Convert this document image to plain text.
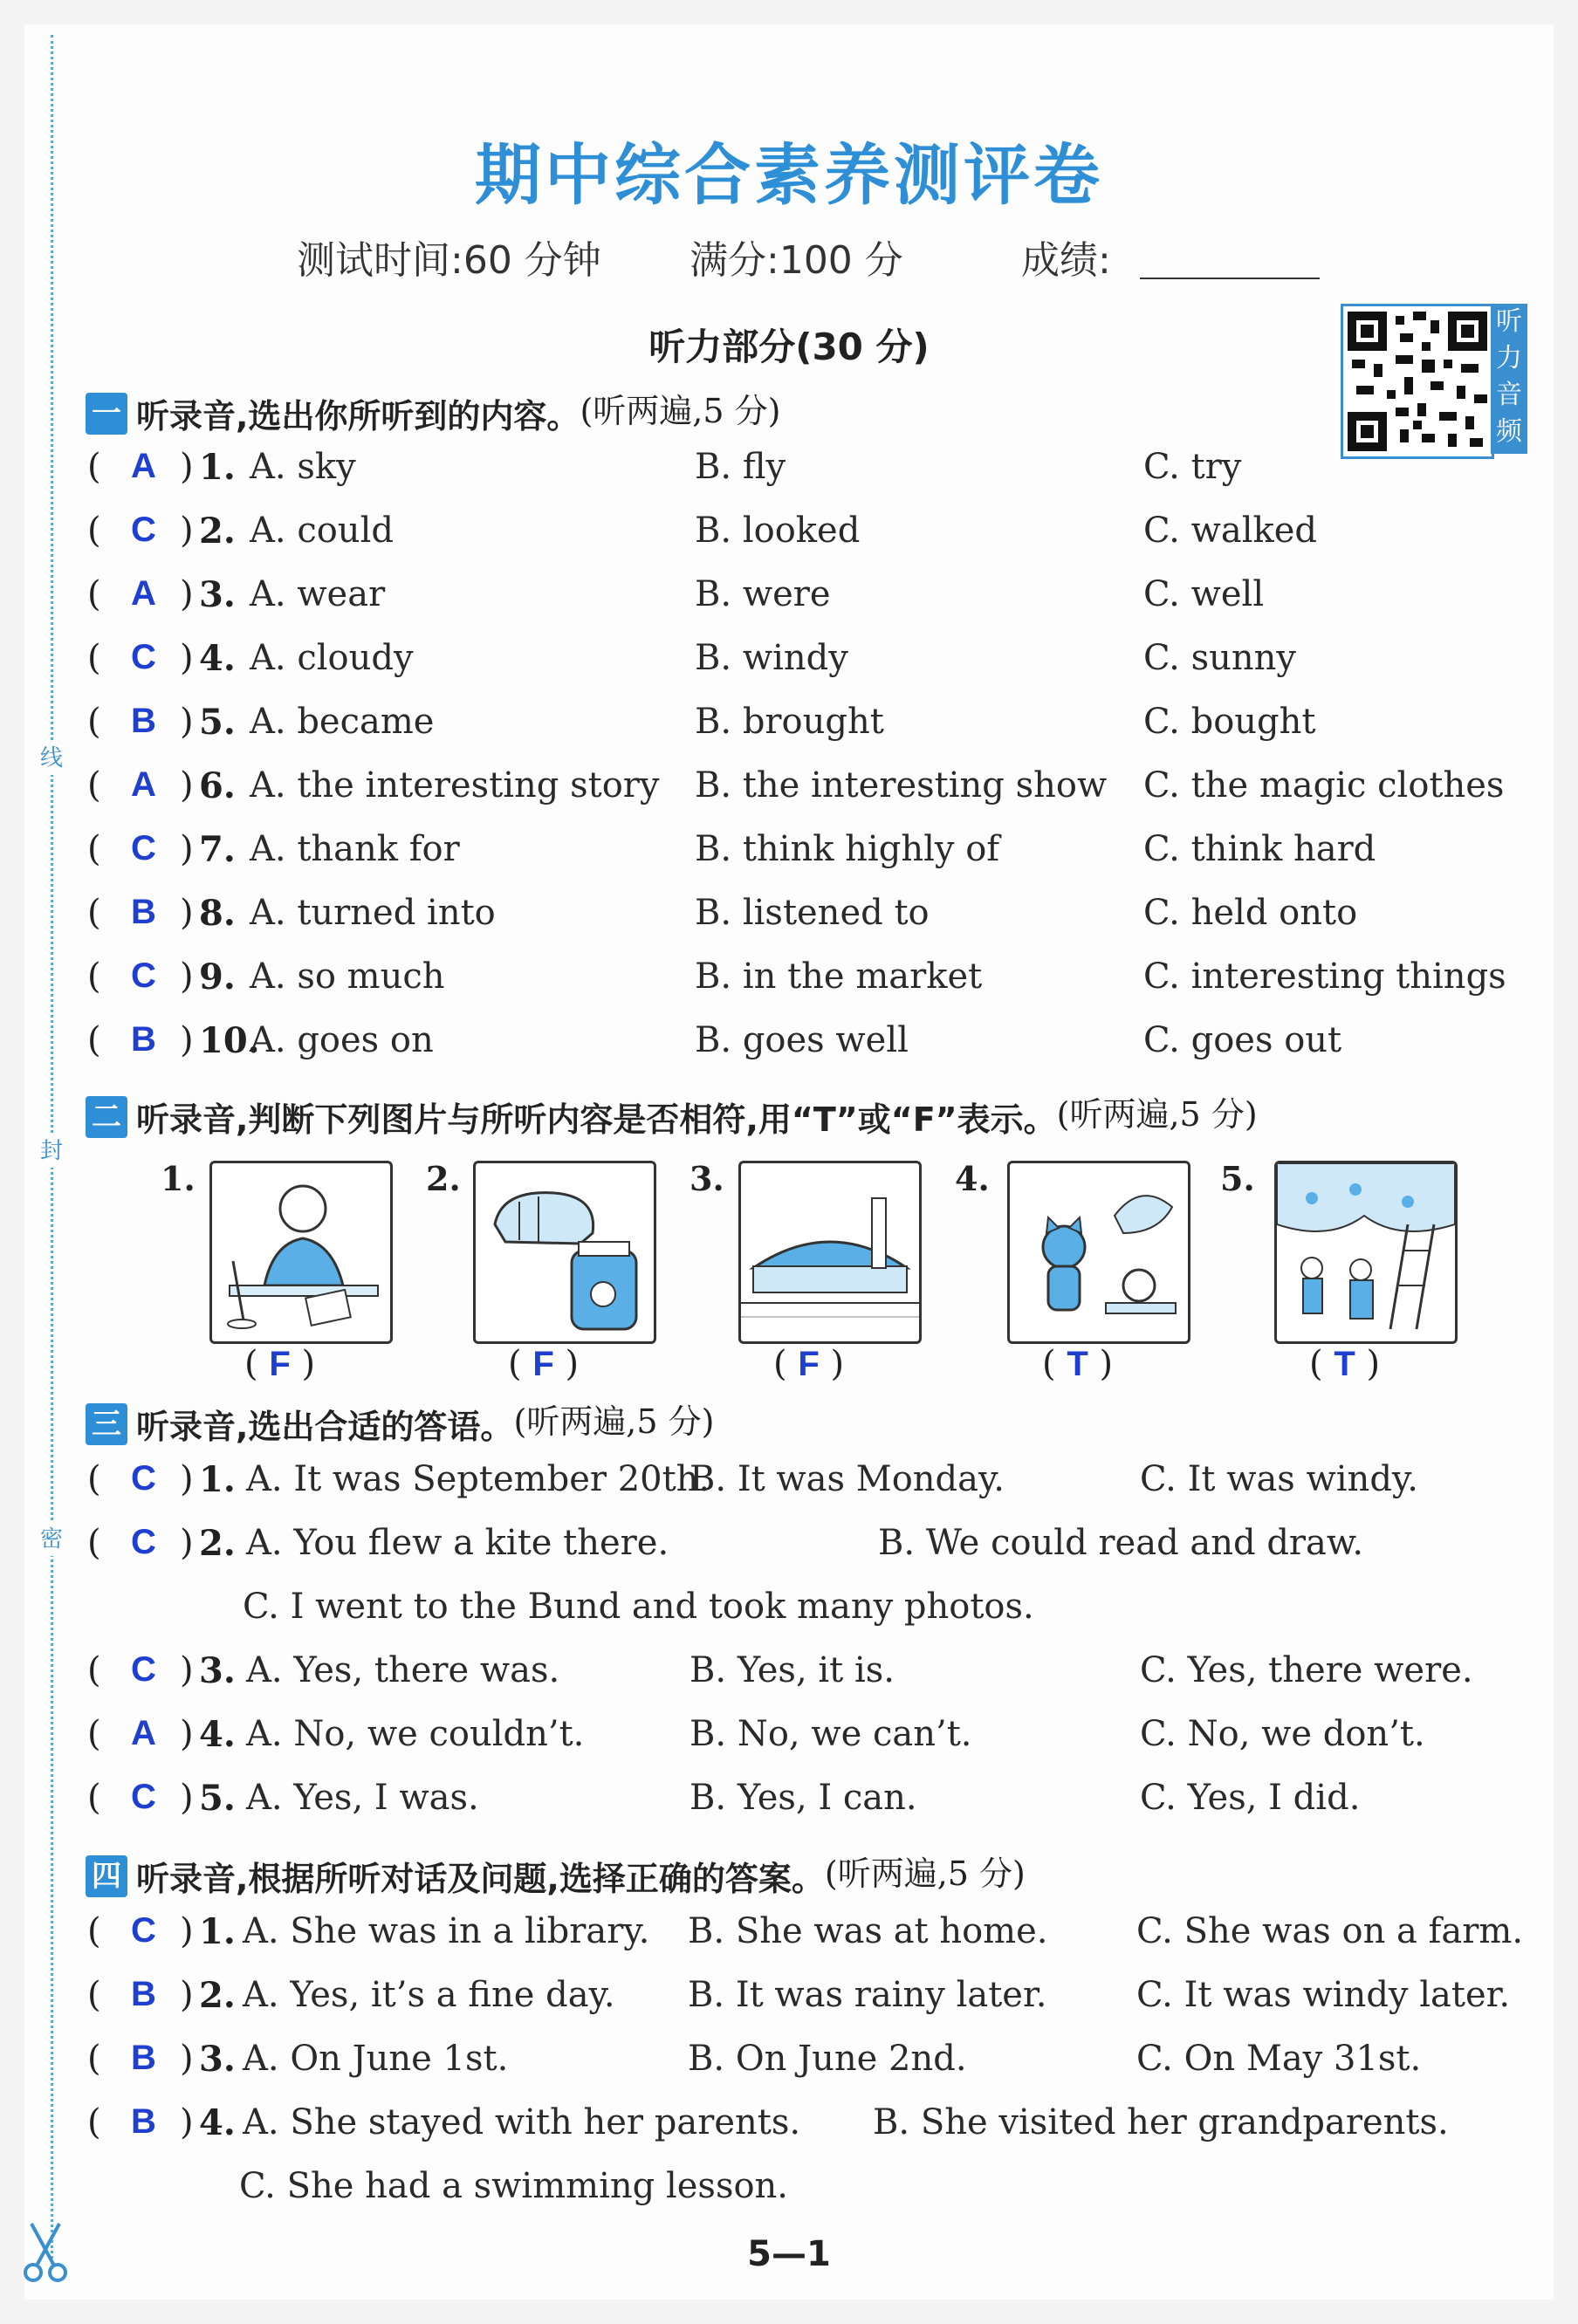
线
封
密
期中综合素养测评卷
测试时间:60 分钟 满分:100 分	成绩:
听力音频
听力部分(30 分)
一 听录音,选出你所听到的内容。(听两遍,5 分)
( A ) 1. A. sky	B. fly	C. try
( C ) 2. A. could	B. looked	C. walked
( A ) 3. A. wear	B. were	C. well
( C ) 4. A. cloudy	B. windy	C. sunny
( B ) 5. A. became	B. brought	C. bought
( A ) 6. A. the interesting story B. the interesting show C. the magic clothes
( C ) 7. A. thank for	B. think highly of	C. think hard
( B ) 8. A. turned into	B. listened to	C. held onto
( C ) 9. A. so much	B. in the market	C. interesting things
( B ) 10.
A. goes on	B. goes well	C. goes out
二 听录音,判断下列图片与所听内容是否相符,用“T”或“F”表示。(听两遍,5 分)
1.
( F )
2.
( F )
3.
( F )
4.
( T )
5.
( T )
三 听录音,选出合适的答语。(听两遍,5 分)
( C ) 1. A. It was September 20th.
B. It was Monday.	C. It was windy.
( C ) 2. A. You flew a kite there.	B. We could read and draw.
C. I went to the Bund and took many photos.
( C ) 3. A. Yes, there was.	B. Yes, it is.	C. Yes, there were.
( A ) 4. A. No, we couldn’t.	B. No, we can’t.	C. No, we don’t.
( C ) 5. A. Yes, I was.	B. Yes, I can.	C. Yes, I did.
四 听录音,根据所听对话及问题,选择正确的答案。(听两遍,5 分)
( C ) 1. A. She was in a library. B. She was at home.	C. She was on a farm.
( B ) 2. A. Yes, it’s a fine day. B. It was rainy later.	C. It was windy later.
( B ) 3. A. On June 1st.	B. On June 2nd.	C. On May 31st.
( B ) 4. A. She stayed with her parents. B. She visited her grandparents.
C. She had a swimming lesson.
5—1
